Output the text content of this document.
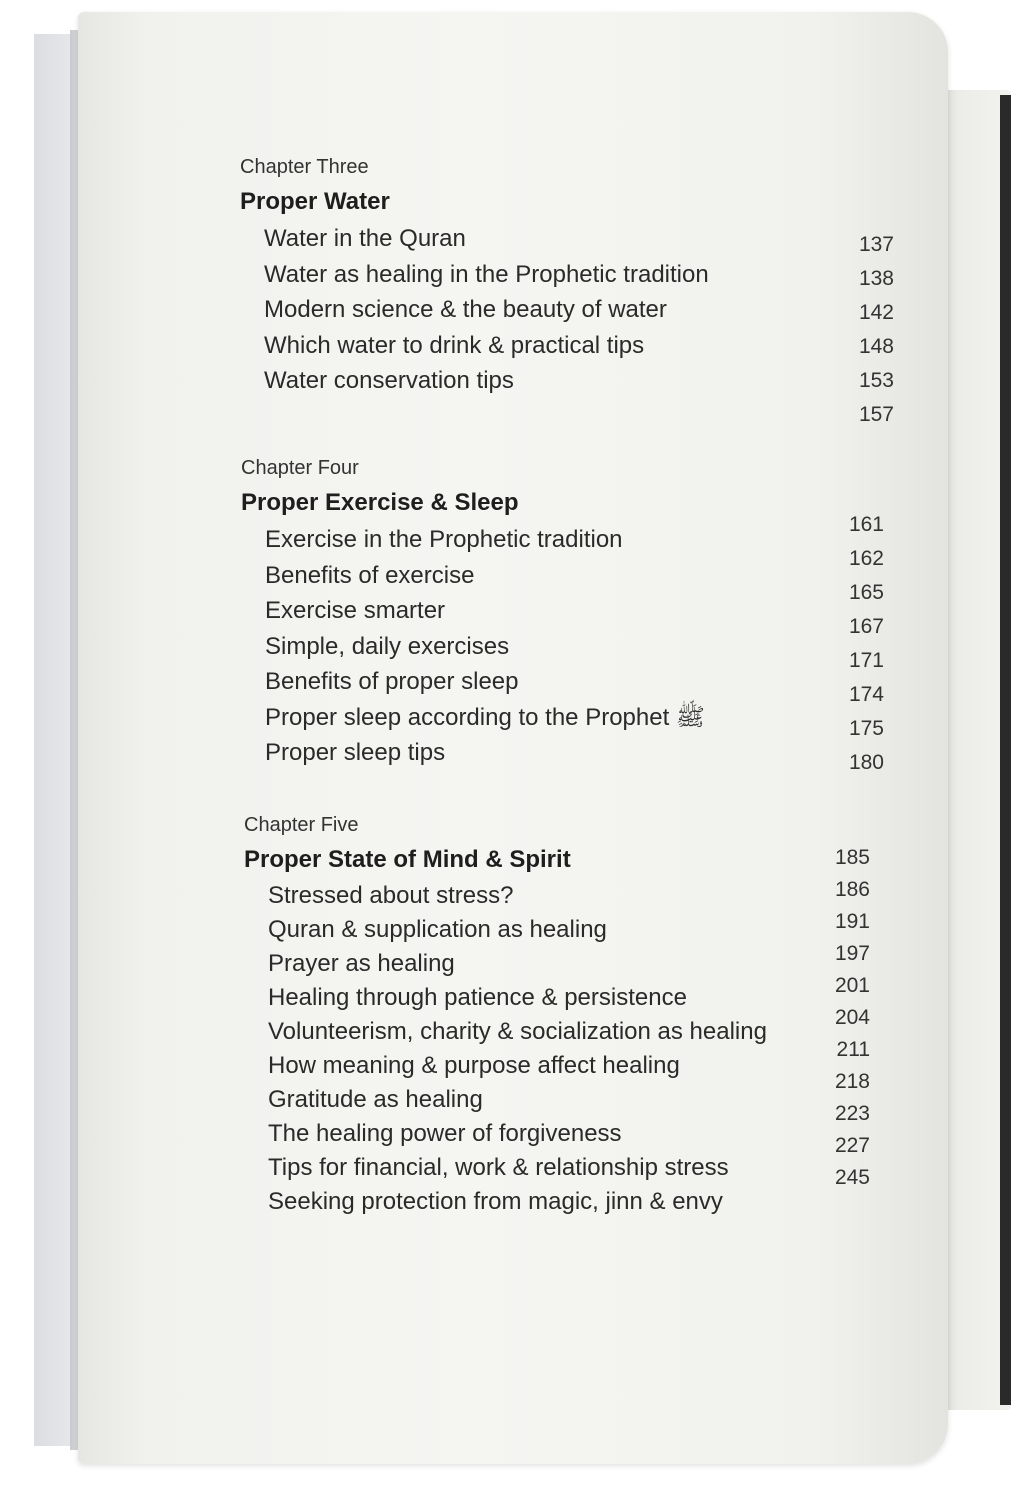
Chapter Three

Proper Water

Water in the Quran
Water as healing in the Prophetic tradition
Modern science & the beauty of water
Which water to drink & practical tips
Water conservation tips
137
138
142
148
153
157

Chapter Four

Proper Exercise & Sleep

Exercise in the Prophetic tradition
Benefits of exercise
Exercise smarter
Simple, daily exercises
Benefits of proper sleep
Proper sleep according to the Prophet ﷺ
Proper sleep tips
161
162
165
167
171
174
175
180

Chapter Five

Proper State of Mind & Spirit

Stressed about stress?
Quran & supplication as healing
Prayer as healing
Healing through patience & persistence
Volunteerism, charity & socialization as healing
How meaning & purpose affect healing
Gratitude as healing
The healing power of forgiveness
Tips for financial, work & relationship stress
Seeking protection from magic, jinn & envy
185
186
191
197
201
204
211
218
223
227
245
